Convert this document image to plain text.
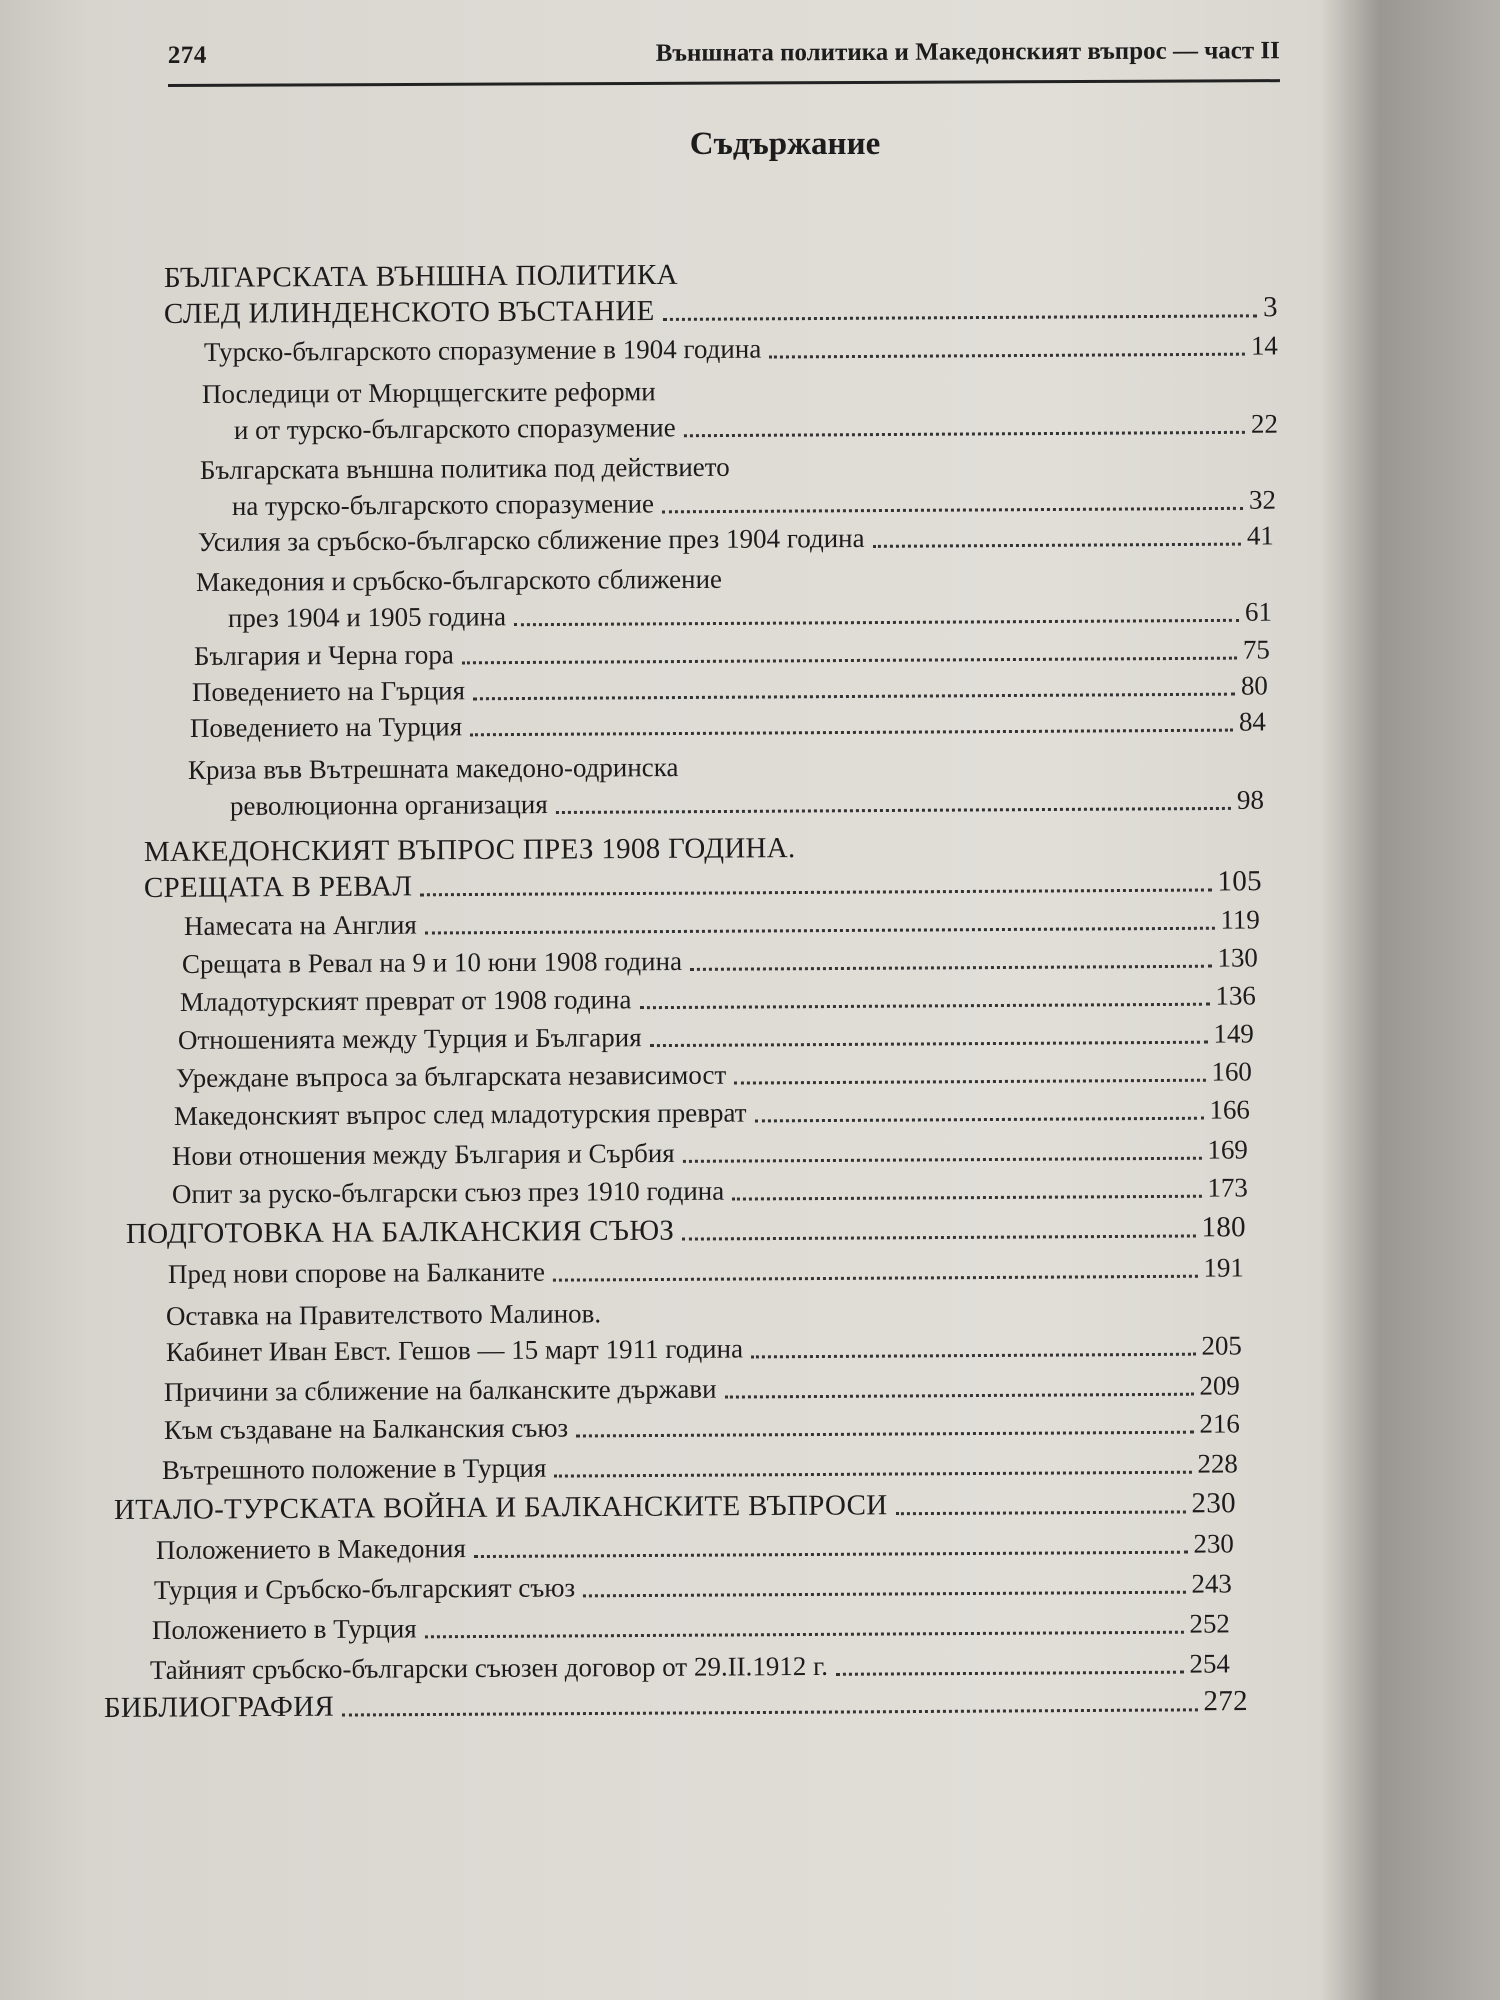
274	Външната политика и Македонският въпрос — част II
Съдържание
БЪЛГАРСКАТА ВЪНШНА ПОЛИТИКА
СЛЕД ИЛИНДЕНСКОТО ВЪСТАНИЕ	3
Турско-българското споразумение в 1904 година	14
Последици от Мюрцщегските реформи
и от турско-българското споразумение	22
Българската външна политика под действието
на турско-българското споразумение	32
Усилия за сръбско-българско сближение през 1904 година	41
Македония и сръбско-българското сближение
през 1904 и 1905 година	61
България и Черна гора	75
Поведението на Гърция	80
Поведението на Турция	84
Криза във Вътрешната македоно-одринска
революционна организация	98
МАКЕДОНСКИЯТ ВЪПРОС ПРЕЗ 1908 ГОДИНА.
СРЕЩАТА В РЕВАЛ	105
Намесата на Англия	119
Срещата в Ревал на 9 и 10 юни 1908 година	130
Младотурският преврат от 1908 година	136
Отношенията между Турция и България	149
Уреждане въпроса за българската независимост	160
Македонският въпрос след младотурския преврат	166
Нови отношения между България и Сърбия	169
Опит за руско-български съюз през 1910 година	173
ПОДГОТОВКА НА БАЛКАНСКИЯ СЪЮЗ	180
Пред нови спорове на Балканите	191
Оставка на Правителството Малинов.
Кабинет Иван Евст. Гешов — 15 март 1911 година	205
Причини за сближение на балканските държави	209
Към създаване на Балканския съюз	216
Вътрешното положение в Турция	228
ИТАЛО-ТУРСКАТА ВОЙНА И БАЛКАНСКИТЕ ВЪПРОСИ	230
Положението в Македония	230
Турция и Сръбско-българският съюз	243
Положението в Турция	252
Тайният сръбско-български съюзен договор от 29.II.1912 г.	254
БИБЛИОГРАФИЯ	272
